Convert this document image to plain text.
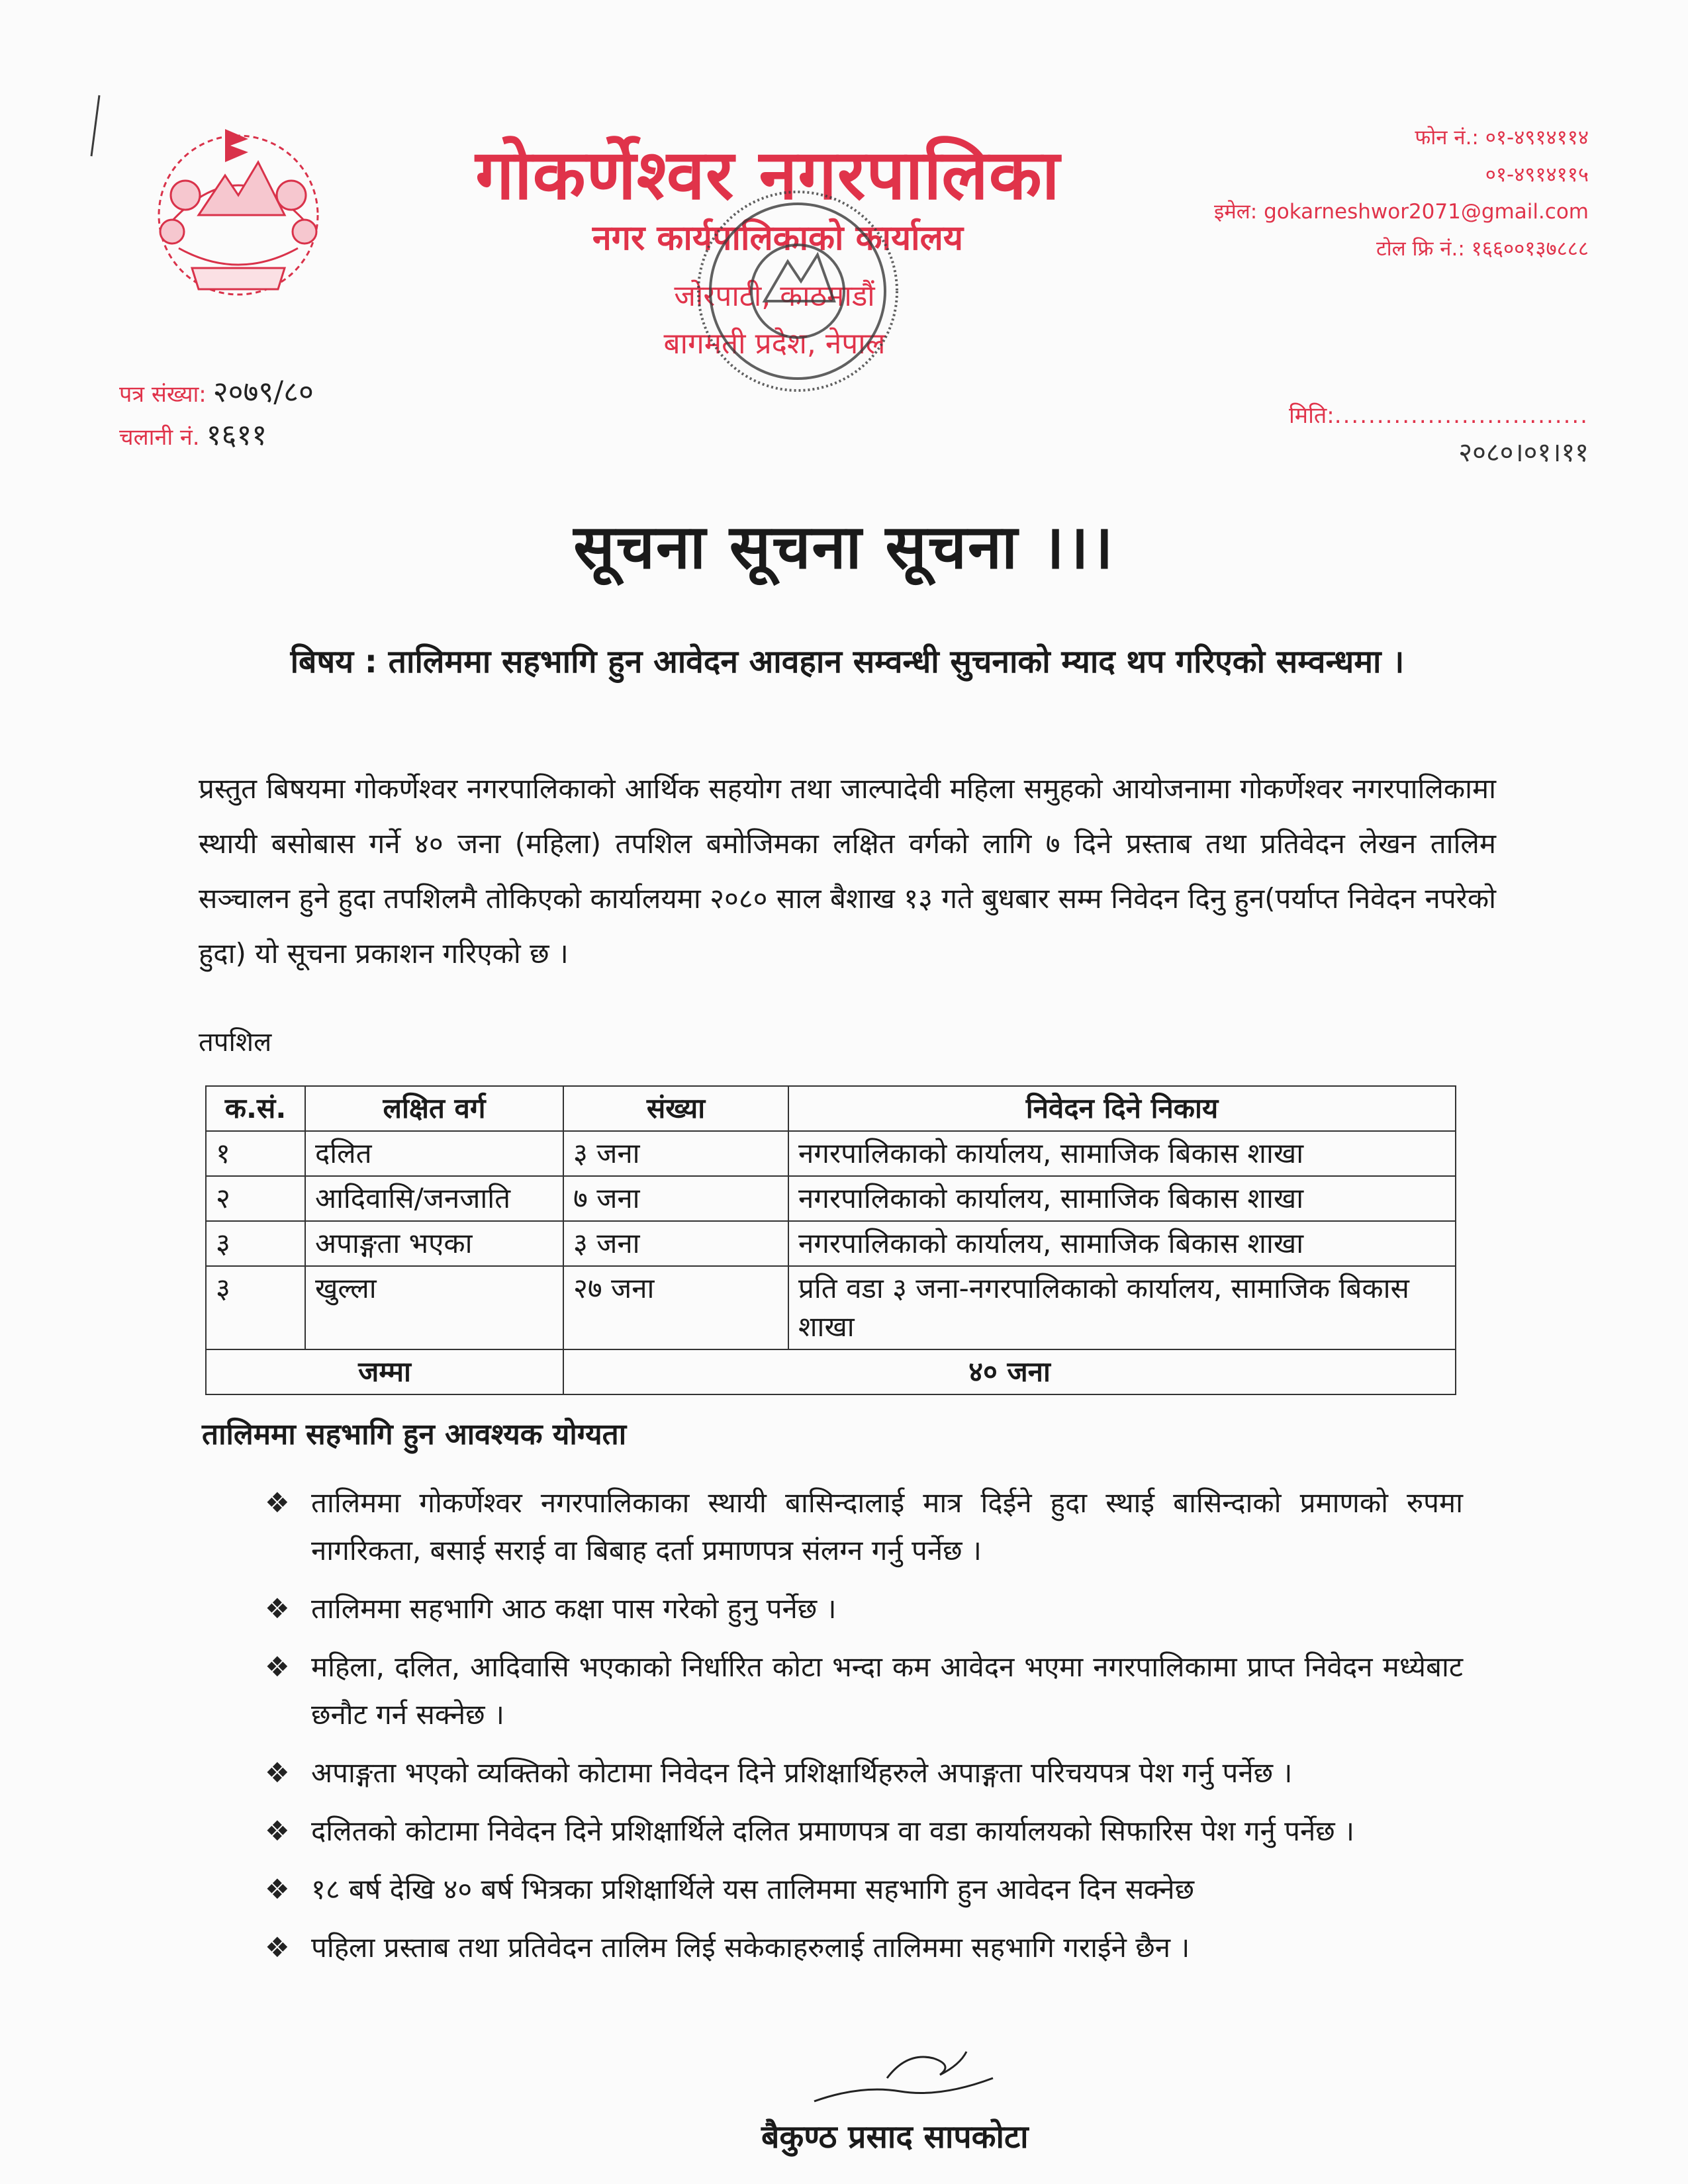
गोकर्णेश्वर नगरपालिका
नगर कार्यपालिकाको कार्यालय
जोरपाटी, काठमाडौं
बागमती प्रदेश, नेपाल
फोन नं.: ०१-४९१४११४
०१-४९१४११५
इमेल: gokarneshwor2071@gmail.com
टोल फ्रि नं.: १६६००१३७८८८
पत्र संख्या: २०७९/८०
चलानी नं. १६११
मिति:..............................
२०८०।०१।११
सूचना सूचना सूचना ।।।
बिषय : तालिममा सहभागि हुन आवेदन आवहान सम्वन्धी सुचनाको म्याद थप गरिएको सम्वन्धमा ।
प्रस्तुत बिषयमा गोकर्णेश्वर नगरपालिकाको आर्थिक सहयोग तथा जाल्पादेवी महिला समुहको आयोजनामा गोकर्णेश्वर नगरपालिकामा स्थायी बसोबास गर्ने ४० जना (महिला) तपशिल बमोजिमका लक्षित वर्गको लागि ७ दिने प्रस्ताब तथा प्रतिवेदन लेखन तालिम सञ्चालन हुने हुदा तपशिलमै तोकिएको कार्यालयमा २०८० साल बैशाख १३ गते बुधबार सम्म निवेदन दिनु हुन(पर्याप्त निवेदन नपरेको हुदा) यो सूचना प्रकाशन गरिएको छ ।
तपशिल
क.सं.	लक्षित वर्ग	संख्या	निवेदन दिने निकाय
१	दलित	३ जना	नगरपालिकाको कार्यालय, सामाजिक बिकास शाखा
२	आदिवासि/जनजाति	७ जना	नगरपालिकाको कार्यालय, सामाजिक बिकास शाखा
३	अपाङ्गता भएका	३ जना	नगरपालिकाको कार्यालय, सामाजिक बिकास शाखा
३	खुल्ला	२७ जना	प्रति वडा ३ जना-नगरपालिकाको कार्यालय, सामाजिक बिकास शाखा
जम्मा		४० जना	
तालिममा सहभागि हुन आवश्यक योग्यता
❖ तालिममा गोकर्णेश्वर नगरपालिकाका स्थायी बासिन्दालाई मात्र दिईने हुदा स्थाई बासिन्दाको प्रमाणको रुपमा नागरिकता, बसाई सराई वा बिबाह दर्ता प्रमाणपत्र संलग्न गर्नु पर्नेछ ।
❖ तालिममा सहभागि आठ कक्षा पास गरेको हुनु पर्नेछ ।
❖ महिला, दलित, आदिवासि भएकाको निर्धारित कोटा भन्दा कम आवेदन भएमा नगरपालिकामा प्राप्त निवेदन मध्येबाट छनौट गर्न सक्नेछ ।
❖ अपाङ्गता भएको व्यक्तिको कोटामा निवेदन दिने प्रशिक्षार्थिहरुले अपाङ्गता परिचयपत्र पेश गर्नु पर्नेछ ।
❖ दलितको कोटामा निवेदन दिने प्रशिक्षार्थिले दलित प्रमाणपत्र वा वडा कार्यालयको सिफारिस पेश गर्नु पर्नेछ ।
❖ १८ बर्ष देखि ४० बर्ष भित्रका प्रशिक्षार्थिले यस तालिममा सहभागि हुन आवेदन दिन सक्नेछ
❖ पहिला प्रस्ताब तथा प्रतिवेदन तालिम लिई सकेकाहरुलाई तालिममा सहभागि गराईने छैन ।
बैकुण्ठ प्रसाद सापकोटा
